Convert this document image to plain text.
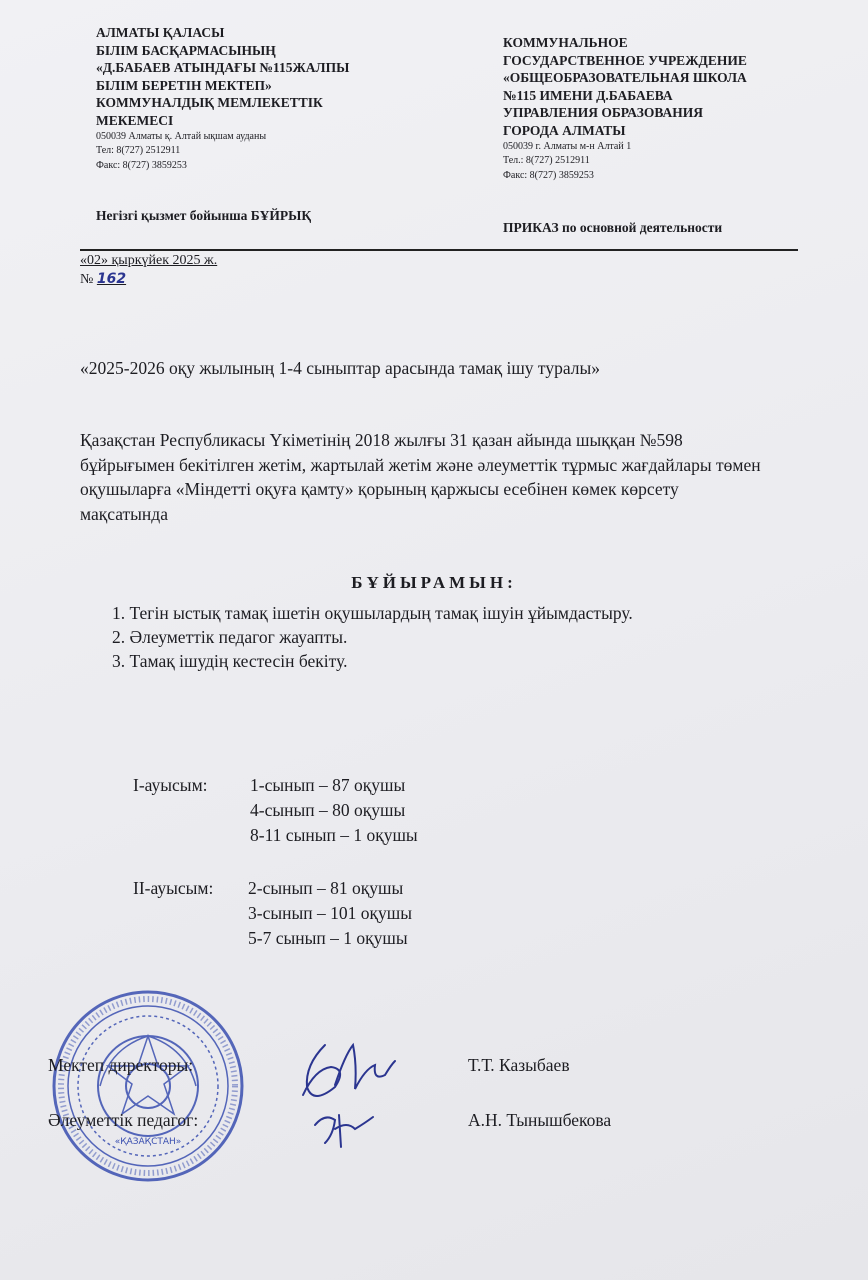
АЛМАТЫ ҚАЛАСЫ
БІЛІМ БАСҚАРМАСЫНЫҢ
«Д.БАБАЕВ АТЫНДАҒЫ №115ЖАЛПЫ
БІЛІМ БЕРЕТІН МЕКТЕП»
КОММУНАЛДЫҚ МЕМЛЕКЕТТІК
МЕКЕМЕСІ
050039 Алматы қ. Алтай ықшам ауданы
Тел: 8(727) 2512911
Факс: 8(727) 3859253
Негізгі қызмет бойынша БҰЙРЫҚ
КОММУНАЛЬНОЕ
ГОСУДАРСТВЕННОЕ УЧРЕЖДЕНИЕ
«ОБЩЕОБРАЗОВАТЕЛЬНАЯ ШКОЛА
№115 ИМЕНИ Д.БАБАЕВА
УПРАВЛЕНИЯ ОБРАЗОВАНИЯ
ГОРОДА АЛМАТЫ
050039 г. Алматы м-н Алтай 1
Тел.: 8(727) 2512911
Факс: 8(727) 3859253
ПРИКАЗ по основной деятельности
«02» қыркүйек 2025 ж.
№ 162
«2025-2026 оқу жылының 1-4 сыныптар арасында тамақ ішу туралы»
Қазақстан Республикасы Үкіметінің 2018 жылғы 31 қазан айында шыққан №598 бұйрығымен бекітілген жетім, жартылай жетім және әлеуметтік тұрмыс жағдайлары төмен оқушыларға «Міндетті оқуға қамту» қорының қаржысы есебінен көмек көрсету мақсатында
БҰЙЫРАМЫН:
1. Тегін ыстық тамақ ішетін оқушылардың тамақ ішуін ұйымдастыру.
2. Әлеуметтік педагог жауапты.
3. Тамақ ішудің кестесін бекіту.
І-ауысым: 1-сынып – 87 оқушы
4-сынып – 80 оқушы
8-11 сынып – 1 оқушы
ІІ-ауысым: 2-сынып – 81 оқушы
3-сынып – 101 оқушы
5-7 сынып – 1 оқушы
«ҚАЗАҚСТАН»
Мектеп директоры:	Т.Т. Казыбаев
Әлеуметтік педагог:	А.Н. Тынышбекова
